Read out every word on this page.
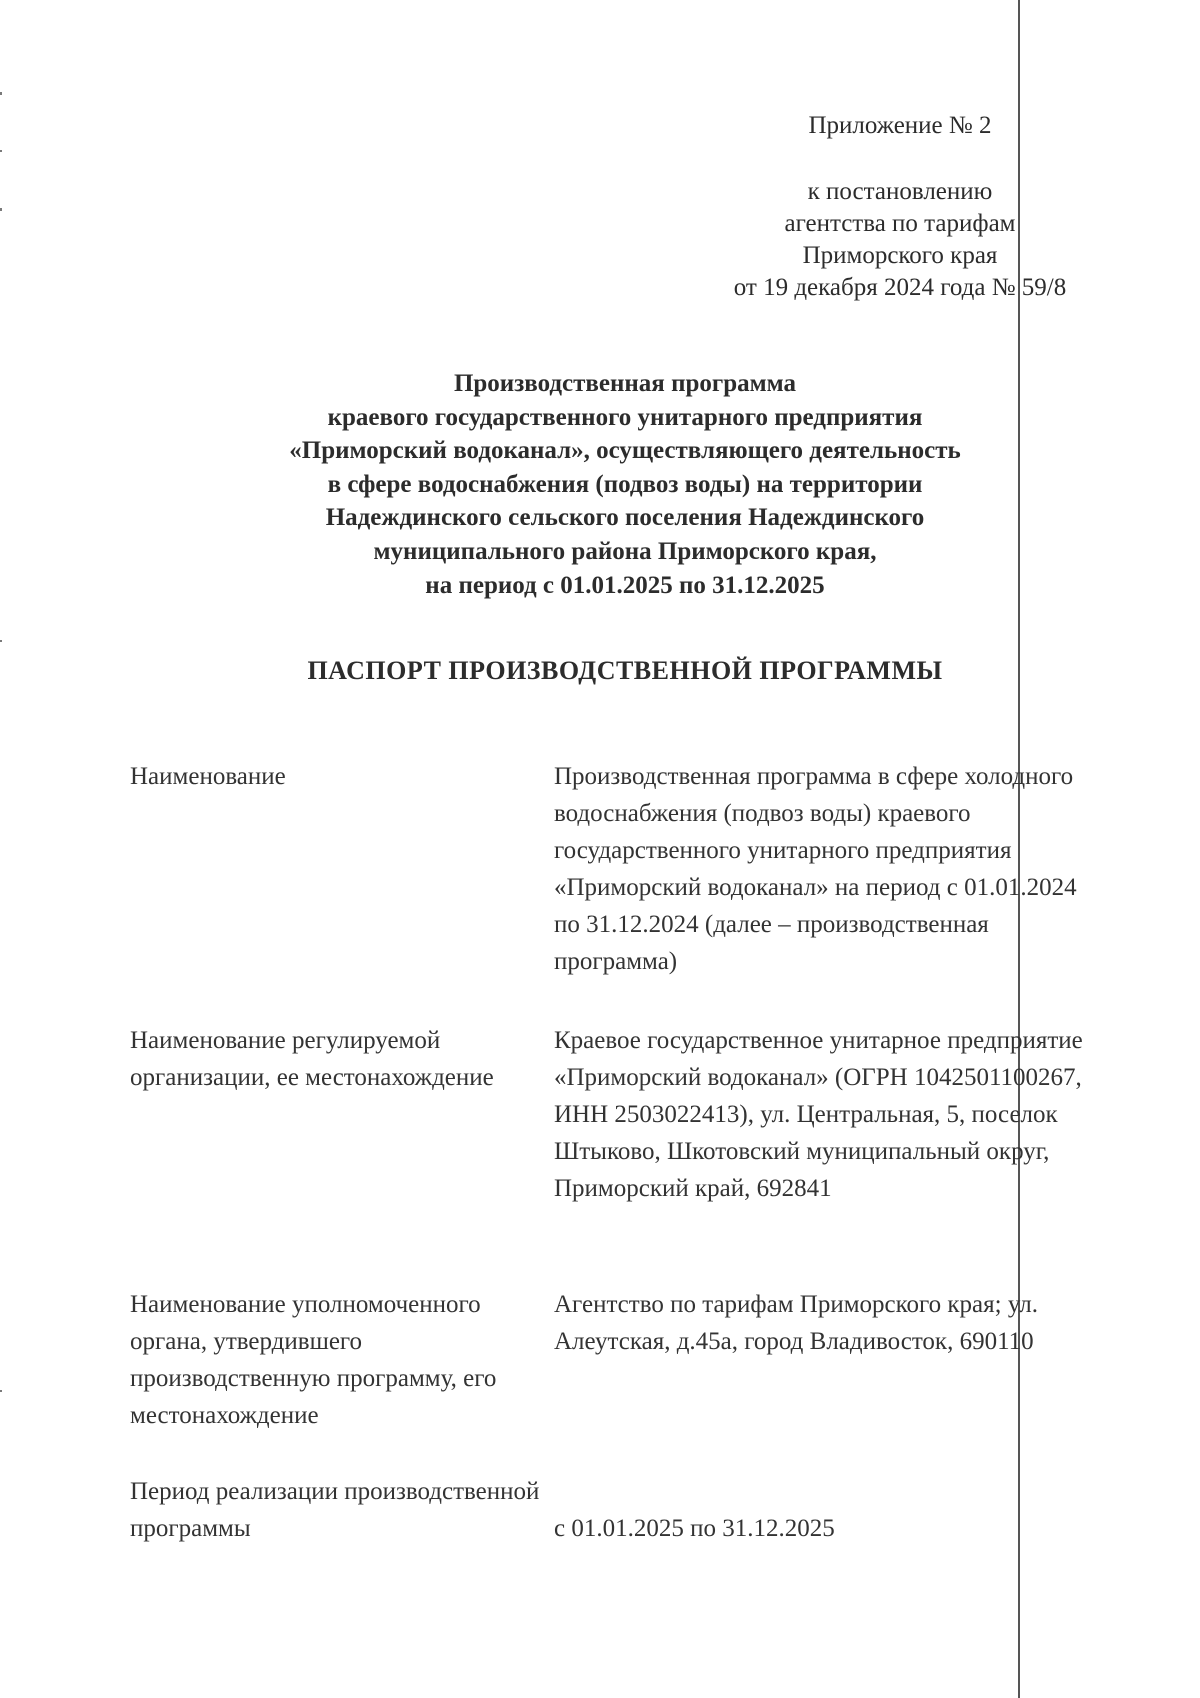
Приложение № 2
к постановлению
агентства по тарифам
Приморского края
от 19 декабря 2024 года № 59/8
Производственная программа
краевого государственного унитарного предприятия
«Приморский водоканал», осуществляющего деятельность
в сфере водоснабжения (подвоз воды) на территории
Надеждинского сельского поселения Надеждинского
муниципального района Приморского края,
на период с 01.01.2025 по 31.12.2025
ПАСПОРТ ПРОИЗВОДСТВЕННОЙ ПРОГРАММЫ
Наименование	Производственная программа в сфере холодного водоснабжения (подвоз воды) краевого государственного унитарного предприятия «Приморский водоканал» на период с 01.01.2024 по 31.12.2024 (далее – производственная программа)
Наименование регулируемой организации, ее местонахождение
Краевое государственное унитарное предприятие «Приморский водоканал» (ОГРН 1042501100267, ИНН 2503022413), ул. Центральная, 5, поселок Штыково, Шкотовский муниципальный округ, Приморский край, 692841
Наименование уполномоченного органа, утвердившего производственную программу, его местонахождение
Агентство по тарифам Приморского края; ул. Алеутская, д.45а, город Владивосток, 690110
Период реализации производственной программы	с 01.01.2025 по 31.12.2025
